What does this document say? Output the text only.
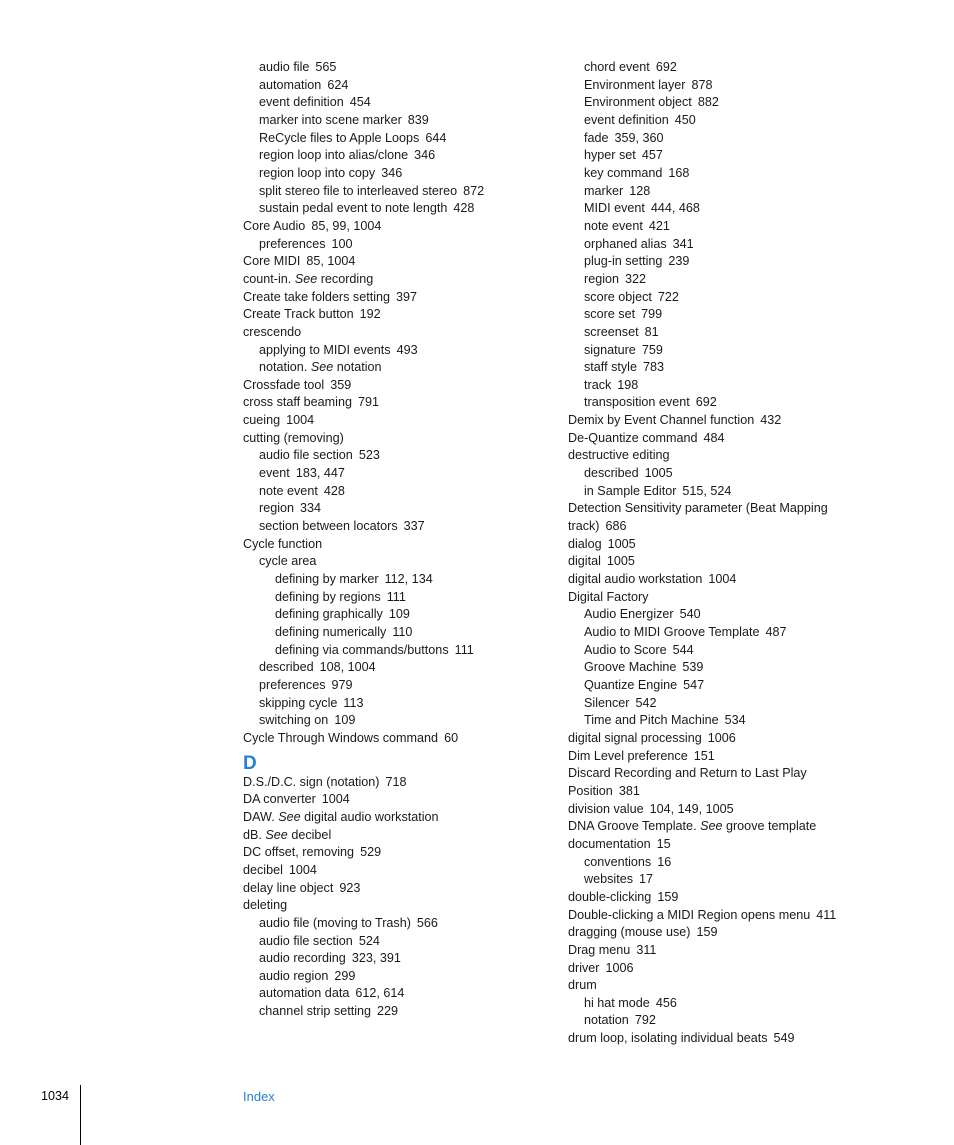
audio file 565
automation 624
event definition 454
marker into scene marker 839
ReCycle files to Apple Loops 644
region loop into alias/clone 346
region loop into copy 346
split stereo file to interleaved stereo 872
sustain pedal event to note length 428
Core Audio 85, 99, 1004
preferences 100
Core MIDI 85, 1004
count-in. See recording
Create take folders setting 397
Create Track button 192
crescendo
applying to MIDI events 493
notation. See notation
Crossfade tool 359
cross staff beaming 791
cueing 1004
cutting (removing)
audio file section 523
event 183, 447
note event 428
region 334
section between locators 337
Cycle function
cycle area
defining by marker 112, 134
defining by regions 111
defining graphically 109
defining numerically 110
defining via commands/buttons 111
described 108, 1004
preferences 979
skipping cycle 113
switching on 109
Cycle Through Windows command 60
D
D.S./D.C. sign (notation) 718
DA converter 1004
DAW. See digital audio workstation
dB. See decibel
DC offset, removing 529
decibel 1004
delay line object 923
deleting
audio file (moving to Trash) 566
audio file section 524
audio recording 323, 391
audio region 299
automation data 612, 614
channel strip setting 229
chord event 692
Environment layer 878
Environment object 882
event definition 450
fade 359, 360
hyper set 457
key command 168
marker 128
MIDI event 444, 468
note event 421
orphaned alias 341
plug-in setting 239
region 322
score object 722
score set 799
screenset 81
signature 759
staff style 783
track 198
transposition event 692
Demix by Event Channel function 432
De-Quantize command 484
destructive editing
described 1005
in Sample Editor 515, 524
Detection Sensitivity parameter (Beat Mapping track) 686
dialog 1005
digital 1005
digital audio workstation 1004
Digital Factory
Audio Energizer 540
Audio to MIDI Groove Template 487
Audio to Score 544
Groove Machine 539
Quantize Engine 547
Silencer 542
Time and Pitch Machine 534
digital signal processing 1006
Dim Level preference 151
Discard Recording and Return to Last Play Position 381
division value 104, 149, 1005
DNA Groove Template. See groove template
documentation 15
conventions 16
websites 17
double-clicking 159
Double-clicking a MIDI Region opens menu 411
dragging (mouse use) 159
Drag menu 311
driver 1006
drum
hi hat mode 456
notation 792
drum loop, isolating individual beats 549
1034	Index
